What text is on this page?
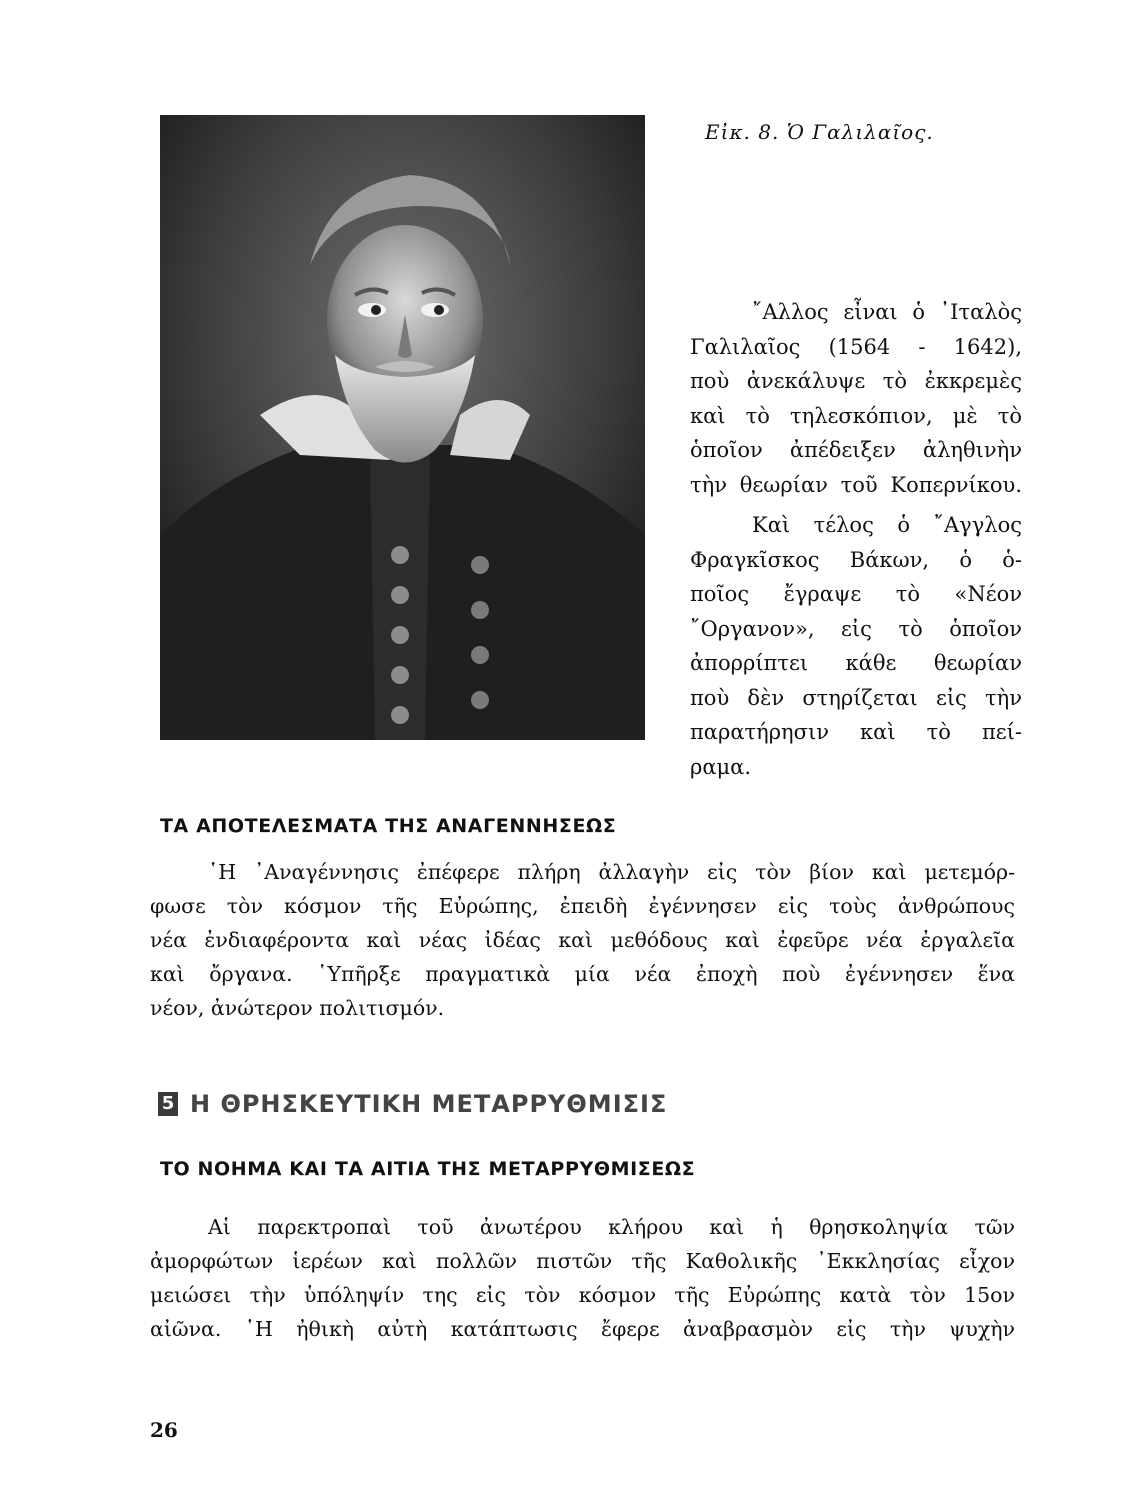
Εἰκ. 8. Ὁ Γαλιλαῖος.
῎Αλλος εἶναι ὁ ᾿Ιταλὸς
Γαλιλαῖος (1564 - 1642),
ποὺ ἀνεκάλυψε τὸ ἐκκρεμὲς
καὶ τὸ τηλεσκόπιον, μὲ τὸ
ὁποῖον ἀπέδειξεν ἀληθινὴν
τὴν θεωρίαν τοῦ Κοπερνίκου.
Καὶ τέλος ὁ ῎Αγγλος
Φραγκῖσκος Βάκων, ὁ ὁ-
ποῖος ἔγραψε τὸ «Νέον
῎Οργανον», εἰς τὸ ὁποῖον
ἀπορρίπτει κάθε θεωρίαν
ποὺ δὲν στηρίζεται εἰς τὴν
παρατήρησιν καὶ τὸ πεί-
ραμα.
ΤΑ ΑΠΟΤΕΛΕΣΜΑΤΑ ΤΗΣ ΑΝΑΓΕΝΝΗΣΕΩΣ
῾Η ᾿Αναγέννησις ἐπέφερε πλήρη ἀλλαγὴν εἰς τὸν βίον καὶ μετεμόρ-
φωσε τὸν κόσμον τῆς Εὐρώπης, ἐπειδὴ ἐγέννησεν εἰς τοὺς ἀνθρώπους
νέα ἐνδιαφέροντα καὶ νέας ἰδέας καὶ μεθόδους καὶ ἐφεῦρε νέα ἐργαλεῖα
καὶ ὄργανα. ῾Υπῆρξε πραγματικὰ μία νέα ἐποχὴ ποὺ ἐγέννησεν ἕνα
νέον, ἀνώτερον πολιτισμόν.
5 Η ΘΡΗΣΚΕΥΤΙΚΗ ΜΕΤΑΡΡΥΘΜΙΣΙΣ
ΤΟ ΝΟΗΜΑ ΚΑΙ ΤΑ ΑΙΤΙΑ ΤΗΣ ΜΕΤΑΡΡΥΘΜΙΣΕΩΣ
Αἱ παρεκτροπαὶ τοῦ ἀνωτέρου κλήρου καὶ ἡ θρησκοληψία τῶν
ἀμορφώτων ἱερέων καὶ πολλῶν πιστῶν τῆς Καθολικῆς ᾿Εκκλησίας εἶχον
μειώσει τὴν ὑπόληψίν της εἰς τὸν κόσμον τῆς Εὐρώπης κατὰ τὸν 15ον
αἰῶνα. ῾Η ἠθικὴ αὐτὴ κατάπτωσις ἔφερε ἀναβρασμὸν εἰς τὴν ψυχὴν
26
